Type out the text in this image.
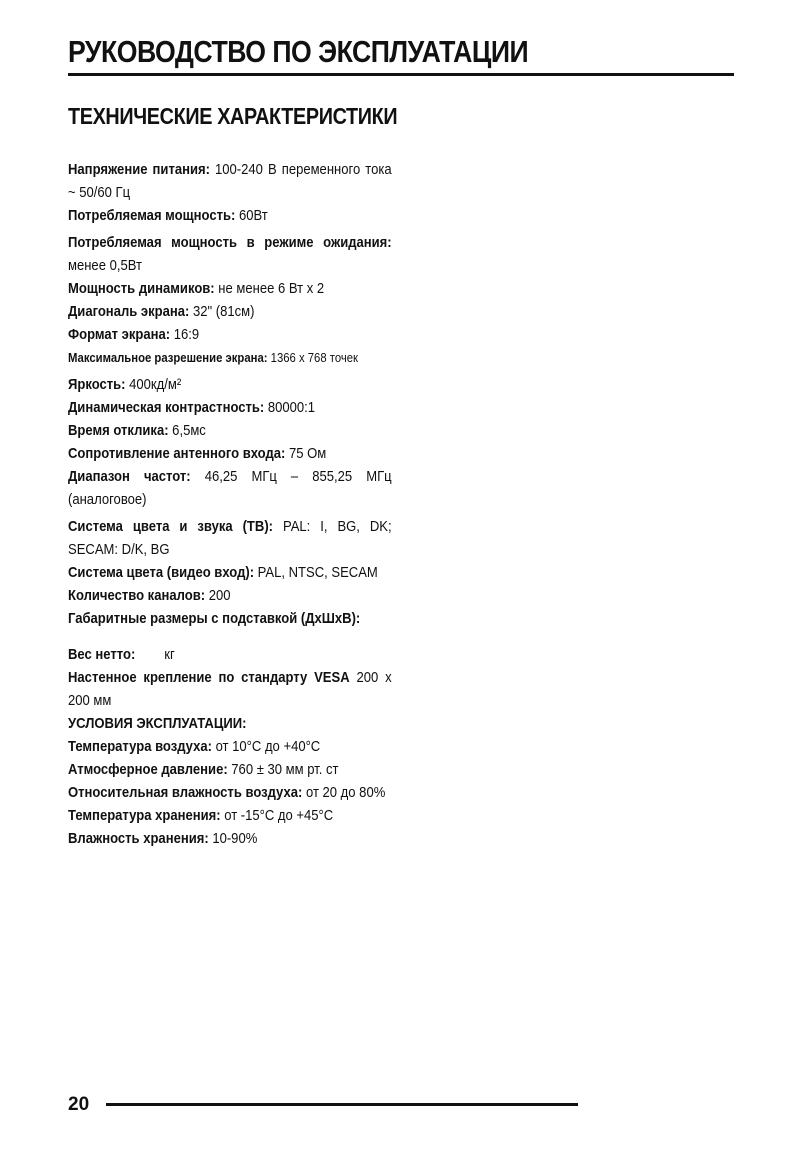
РУКОВОДСТВО ПО ЭКСПЛУАТАЦИИ
ТЕХНИЧЕСКИЕ ХАРАКТЕРИСТИКИ

Напряжение питания: 100-240 В переменного тока ~ 50/60 Гц

Потребляемая мощность: 60Вт

Потребляемая мощность в режиме ожидания: менее 0,5Вт

Мощность динамиков: не менее 6 Вт х 2

Диагональ экрана: 32" (81см)

Формат экрана: 16:9

Максимальное разрешение экрана: 1366 х 768 точек

Яркость: 400кд/м²

Динамическая контрастность: 80000:1

Время отклика: 6,5мс

Сопротивление антенного входа: 75 Ом

Диапазон частот: 46,25 МГц – 855,25 МГц (аналоговое)

Система цвета и звука (ТВ): PAL: I, BG, DK; SECAM: D/K, BG

Система цвета (видео вход): PAL, NTSC, SECAM

Количество каналов: 200

Габаритные размеры с подставкой (ДхШхВ):

Вес нетто: кг

Настенное крепление по стандарту VESA 200 х 200 мм

УСЛОВИЯ ЭКСПЛУАТАЦИИ:

Температура воздуха: от 10°С до +40°С

Атмосферное давление: 760 ± 30 мм рт. ст

Относительная влажность воздуха: от 20 до 80%

Температура хранения: от -15°С до +45°С

Влажность хранения: 10-90%

20
